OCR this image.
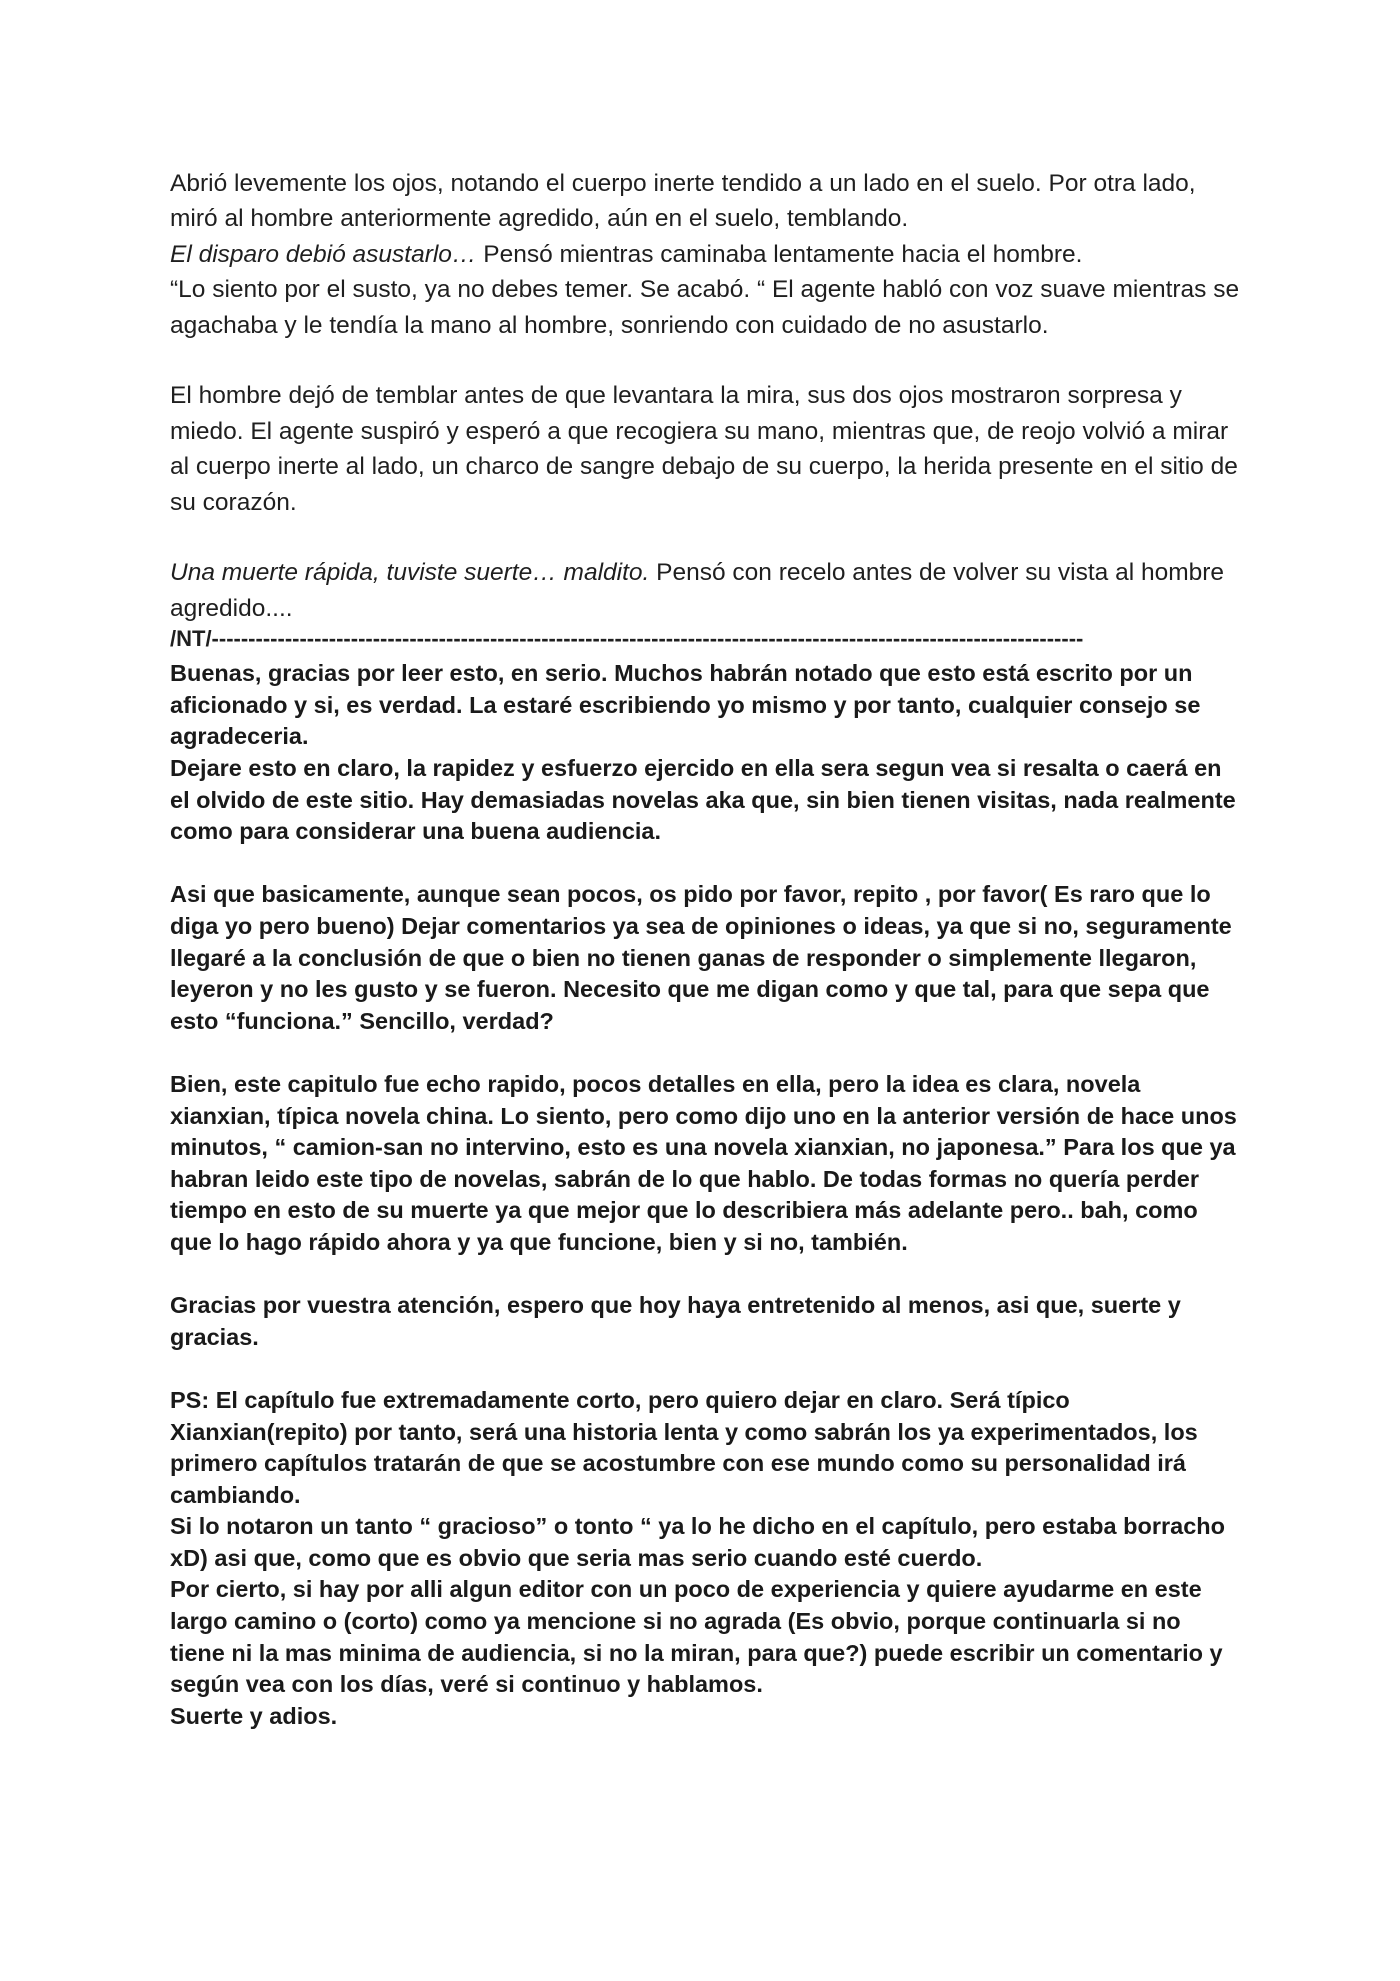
Abrió levemente los ojos, notando el cuerpo inerte tendido a un lado en el suelo. Por otra lado, miró al hombre anteriormente agredido, aún en el suelo, temblando.
El disparo debió asustarlo… Pensó mientras caminaba lentamente hacia el hombre.
“Lo siento por el susto, ya no debes temer. Se acabó. “ El agente habló con voz suave mientras se agachaba y le tendía la mano al hombre, sonriendo con cuidado de no asustarlo.

El hombre dejó de temblar antes de que levantara la mira, sus dos ojos mostraron sorpresa y miedo. El agente suspiró y esperó a que recogiera su mano, mientras que, de reojo volvió a mirar al cuerpo inerte al lado, un charco de sangre debajo de su cuerpo, la herida presente en el sitio de su corazón.

Una muerte rápida, tuviste suerte… maldito. Pensó con recelo antes de volver su vista al hombre agredido....

/NT/-----------------------------------------------------------------------------------------------------------------------

Buenas, gracias por leer esto, en serio. Muchos habrán notado que esto está escrito por un aficionado y si, es verdad. La estaré escribiendo yo mismo y por tanto, cualquier consejo se agradeceria.

Dejare esto en claro, la rapidez y esfuerzo ejercido en ella sera segun vea si resalta o caerá en el olvido de este sitio. Hay demasiadas novelas aka que, sin bien tienen visitas, nada realmente como para considerar una buena audiencia.

Asi que basicamente, aunque sean pocos, os pido por favor, repito , por favor( Es raro que lo diga yo pero bueno) Dejar comentarios ya sea de opiniones o ideas, ya que si no, seguramente llegaré a la conclusión de que o bien no tienen ganas de responder o simplemente llegaron, leyeron y no les gusto y se fueron. Necesito que me digan como y que tal, para que sepa que esto “funciona.” Sencillo, verdad?

Bien, este capitulo fue echo rapido, pocos detalles en ella, pero la idea es clara, novela xianxian, típica novela china. Lo siento, pero como dijo uno en la anterior versión de hace unos minutos, “ camion-san no intervino, esto es una novela xianxian, no japonesa.” Para los que ya habran leido este tipo de novelas, sabrán de lo que hablo. De todas formas no quería perder tiempo en esto de su muerte ya que mejor que lo describiera más adelante pero.. bah, como que lo hago rápido ahora y ya que funcione, bien y si no, también.

Gracias por vuestra atención, espero que hoy haya entretenido al menos, asi que, suerte y gracias.

PS: El capítulo fue extremadamente corto, pero quiero dejar en claro. Será típico Xianxian(repito) por tanto, será una historia lenta y como sabrán los ya experimentados, los primero capítulos tratarán de que se acostumbre con ese mundo como su personalidad irá cambiando.

Si lo notaron un tanto “ gracioso” o tonto “ ya lo he dicho en el capítulo, pero estaba borracho xD) asi que, como que es obvio que seria mas serio cuando esté cuerdo.

Por cierto, si hay por alli algun editor con un poco de experiencia y quiere ayudarme en este largo camino o (corto) como ya mencione si no agrada (Es obvio, porque continuarla si no tiene ni la mas minima de audiencia, si no la miran, para que?) puede escribir un comentario y según vea con los días, veré si continuo y hablamos.

Suerte y adios.
